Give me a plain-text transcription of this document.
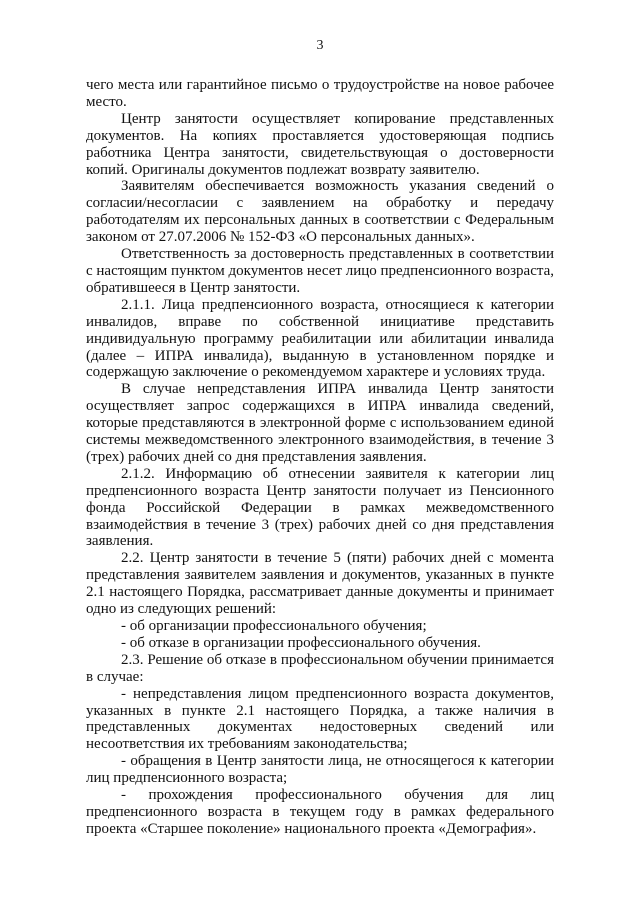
3

чего места или гарантийное письмо о трудоустройстве на новое рабочее место.

Центр занятости осуществляет копирование представленных документов. На копиях проставляется удостоверяющая подпись работника Центра занятости, свидетельствующая о достоверности копий. Оригиналы документов подлежат возврату заявителю.

Заявителям обеспечивается возможность указания сведений о согласии/несогласии с заявлением на обработку и передачу работодателям их персональных данных в соответствии с Федеральным законом от 27.07.2006 № 152-ФЗ «О персональных данных».

Ответственность за достоверность представленных в соответствии с настоящим пунктом документов несет лицо предпенсионного возраста, обратившееся в Центр занятости.

2.1.1. Лица предпенсионного возраста, относящиеся к категории инвалидов, вправе по собственной инициативе представить индивидуальную программу реабилитации или абилитации инвалида (далее – ИПРА инвалида), выданную в установленном порядке и содержащую заключение о рекомендуемом характере и условиях труда.

В случае непредставления ИПРА инвалида Центр занятости осуществляет запрос содержащихся в ИПРА инвалида сведений, которые представляются в электронной форме с использованием единой системы межведомственного электронного взаимодействия, в течение 3 (трех) рабочих дней со дня представления заявления.

2.1.2. Информацию об отнесении заявителя к категории лиц предпенсионного возраста Центр занятости получает из Пенсионного фонда Российской Федерации в рамках межведомственного взаимодействия в течение 3 (трех) рабочих дней со дня представления заявления.

2.2. Центр занятости в течение 5 (пяти) рабочих дней с момента представления заявителем заявления и документов, указанных в пункте 2.1 настоящего Порядка, рассматривает данные документы и принимает одно из следующих решений:

- об организации профессионального обучения;

- об отказе в организации профессионального обучения.

2.3. Решение об отказе в профессиональном обучении принимается в случае:

- непредставления лицом предпенсионного возраста документов, указанных в пункте 2.1 настоящего Порядка, а также наличия в представленных документах недостоверных сведений или несоответствия их требованиям законодательства;

- обращения в Центр занятости лица, не относящегося к категории лиц предпенсионного возраста;

- прохождения профессионального обучения для лиц предпенсионного возраста в текущем году в рамках федерального проекта «Старшее поколение» национального проекта «Демография».
